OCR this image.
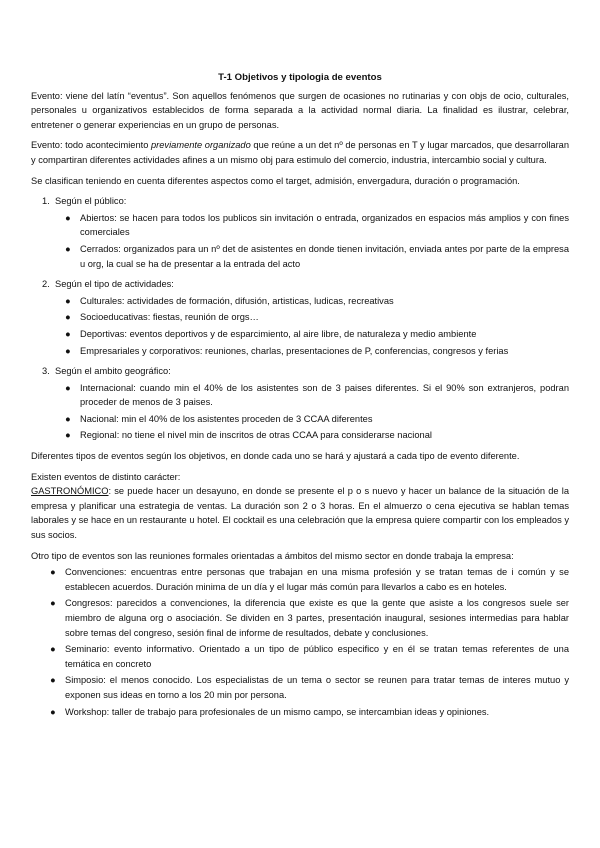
T-1 Objetivos y tipologia de eventos

Evento: viene del latín “eventus”. Son aquellos fenómenos que surgen de ocasiones no rutinarias y con objs de ocio, culturales, personales u organizativos establecidos de forma separada a la actividad normal diaria. La finalidad es ilustrar, celebrar, entretener o generar experiencias en un grupo de personas.

Evento: todo acontecimiento previamente organizado que reúne a un det nº de personas en T y lugar marcados, que desarrollaran y compartiran diferentes actividades afines a un mismo obj para estimulo del comercio, industria, intercambio social y cultura.

Se clasifican teniendo en cuenta diferentes aspectos como el target, admisión, envergadura, duración o programación.

1. Según el público:
● Abiertos: se hacen para todos los publicos sin invitación o entrada, organizados en espacios más amplios y con fines comerciales
● Cerrados: organizados para un nº det de asistentes en donde tienen invitación, enviada antes por parte de la empresa u org, la cual se ha de presentar a la entrada del acto
2. Según el tipo de actividades:
● Culturales: actividades de formación, difusión, artisticas, ludicas, recreativas
● Socioeducativas: fiestas, reunión de orgs…
● Deportivas: eventos deportivos y de esparcimiento, al aire libre, de naturaleza y medio ambiente
● Empresariales y corporativos: reuniones, charlas, presentaciones de P, conferencias, congresos y ferias
3. Según el ambito geográfico:
● Internacional: cuando min el 40% de los asistentes son de 3 paises diferentes. Si el 90% son extranjeros, podran proceder de menos de 3 paises.
● Nacional: min el 40% de los asistentes proceden de 3 CCAA diferentes
● Regional: no tiene el nivel min de inscritos de otras CCAA para considerarse nacional

Diferentes tipos de eventos según los objetivos, en donde cada uno se hará y ajustará a cada tipo de evento diferente.

Existen eventos de distinto carácter:

GASTRONÓMICO: se puede hacer un desayuno, en donde se presente el p o s nuevo y hacer un balance de la situación de la empresa y planificar una estrategia de ventas. La duración son 2 o 3 horas. En el almuerzo o cena ejecutiva se hablan temas laborales y se hace en un restaurante u hotel. El cocktail es una celebración que la empresa quiere compartir con los empleados y sus socios.

Otro tipo de eventos son las reuniones formales orientadas a ámbitos del mismo sector en donde trabaja la empresa:

● Convenciones: encuentras entre personas que trabajan en una misma profesión y se tratan temas de i común y se establecen acuerdos. Duración minima de un día y el lugar más común para llevarlos a cabo es en hoteles.
● Congresos: parecidos a convenciones, la diferencia que existe es que la gente que asiste a los congresos suele ser miembro de alguna org o asociación. Se dividen en 3 partes, presentación inaugural, sesiones intermedias para hablar sobre temas del congreso, sesión final de informe de resultados, debate y conclusiones.
● Seminario: evento informativo. Orientado a un tipo de público especifico y en él se tratan temas referentes de una temática en concreto
● Simposio: el menos conocido. Los especialistas de un tema o sector se reunen para tratar temas de interes mutuo y exponen sus ideas en torno a los 20 min por persona.
● Workshop: taller de trabajo para profesionales de un mismo campo, se intercambian ideas y opiniones.
